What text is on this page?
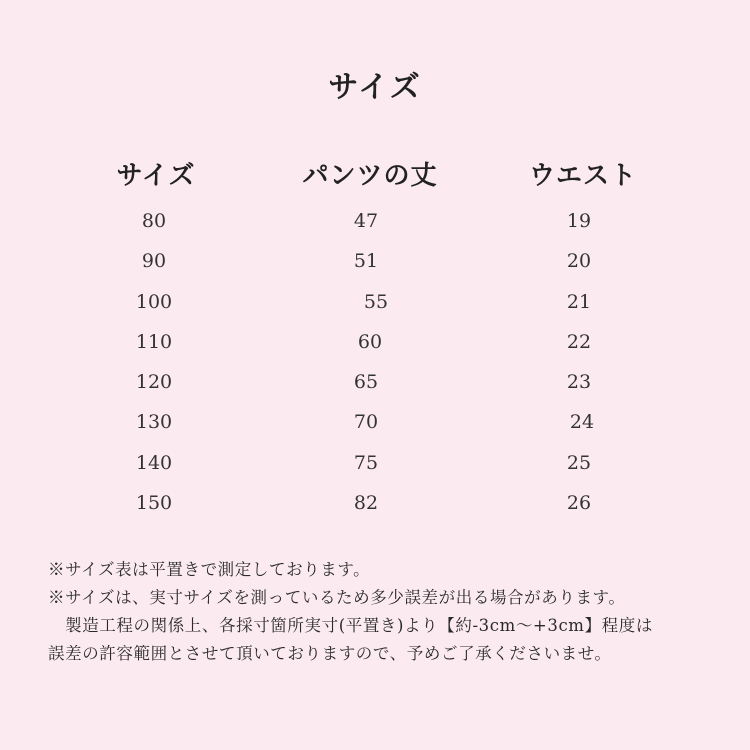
サイズ
サイズ	パンツの丈	ウエスト
80	47	19
90	51	20
100	55	21
110	60	22
120	65	23
130	70	24
140	75	25
150	82	26
※サイズ表は平置きで測定しております。
※サイズは、実寸サイズを測っているため多少誤差が出る場合があります。
　製造工程の関係上、各採寸箇所実寸(平置き)より【約-3cm〜+3cm】程度は
誤差の許容範囲とさせて頂いておりますので、予めご了承くださいませ。
